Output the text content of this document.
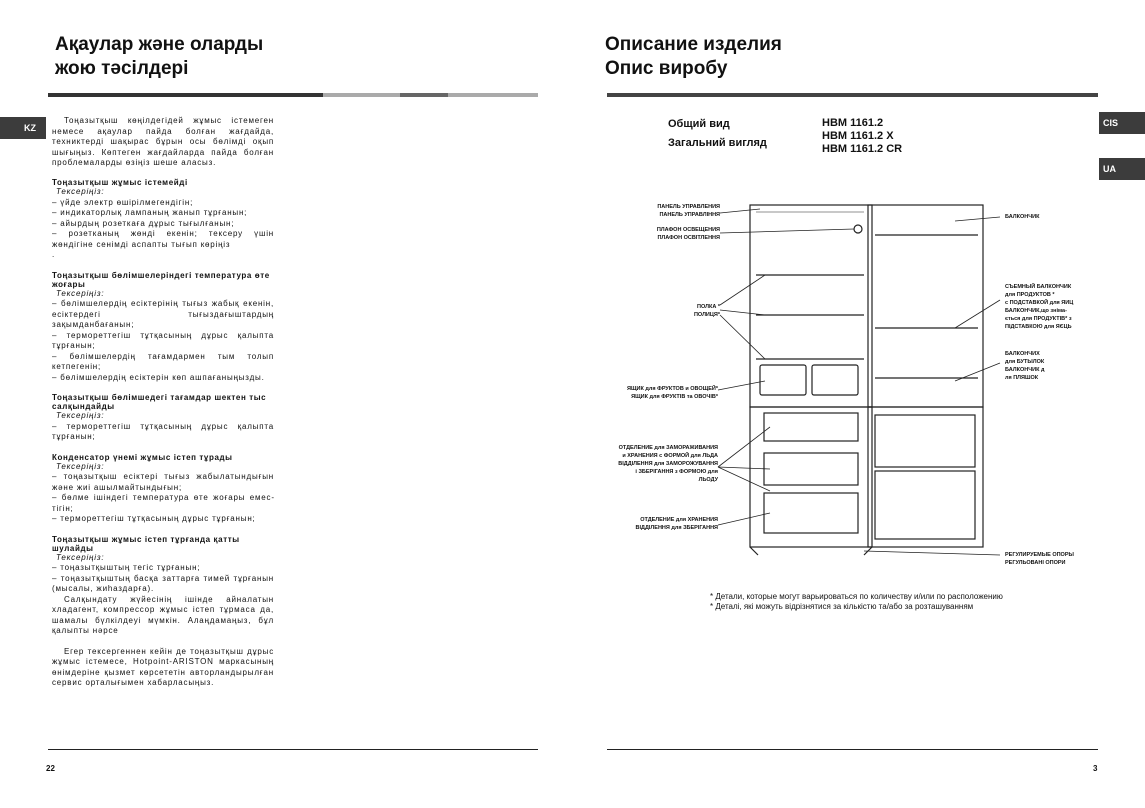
Ақаулар және оларды
жою тәсілдері
KZ
Тоңазытқыш көңілдегідей жұмыс істемеген немесе ақаулар пайда болған жағдайда, техниктерді шақырас бұрын осы бөлімді оқып шығыңыз. Көптеген жағдайларда пайда болған проблемаларды өзіңіз шеше аласыз.
Тоңазытқыш жұмыс істемейді
Тексеріңіз:
– үйде электр өшірілмегендігін;
– индикаторлық лампаның жанып тұрғанын;
– айырдың розеткаға дұрыс тығылғанын;
– розетканың жөнді екенін; тексеру үшін жөндігіне сенімді аспапты тығып көріңіз
.
Тоңазытқыш бөлімшелеріндегі температура өте жоғары
Тексеріңіз:
– бөлімшелердің есіктерінің тығыз жабық екенін, есіктердегі тығыздағыштардың зақымданбағанын;
– термореттегіш тұтқасының дұрыс қалыпта тұрғанын;
– бөлімшелердің тағамдармен тым толып кетпегенін;
– бөлімшелердің есіктерін көп ашпағаныңызды.
Тоңазытқыш бөлімшедегі тағамдар шектен тыс салқындайды
Тексеріңіз:
– термореттегіш тұтқасының дұрыс қалыпта тұрғанын;
Конденсатор үнемі жұмыс істеп тұрады
Тексеріңіз:
– тоңазытқыш есіктері тығыз жабылатындығын және жиі ашылмайтындығын;
– бөлме ішіндегі температура өте жоғары еместігін;
– термореттегіш тұтқасының дұрыс тұрғанын;
Тоңазытқыш жұмыс істеп тұрғанда қатты шулайды
Тексеріңіз:
– тоңазытқыштың тегіс тұрғанын;
– тоңазытқыштың басқа заттарға тимей тұрғанын (мысалы, жиһаздарға).
Салқындату жүйесінің ішінде айналатын хладагент, компрессор жұмыс істеп тұрмаса да, шамалы бүлкілдеуі мүмкін. Алаңдамаңыз, бұл қалыпты нәрсе
Егер тексергеннен кейін де тоңазытқыш дұрыс жұмыс істемесе, Hotpoint-ARISTON маркасының өнімдеріне қызмет көрсететін авторландырылған сервис орталығымен хабарласыңыз.
22
Описание изделия
Опис виробу
CIS
UA
Общий вид
Загальний вигляд
HBM 1161.2
HBM 1161.2 X
HBM 1161.2 CR
ПАНЕЛЬ УПРАВЛЕНИЯ
ПАНЕЛЬ УПРАВЛІННЯ
ПЛАФОН ОСВЕЩЕНИЯ
ПЛАФОН ОСВІТЛЕННЯ
ПОЛКА *
ПОЛИЦЯ*
ЯЩИК для ФРУКТОВ и ОВОЩЕЙ*
ЯЩИК для ФРУКТІВ та ОВОЧІВ*
ОТДЕЛЕНИЕ для ЗАМОРАЖИВАНИЯ
и ХРАНЕНИЯ с ФОРМОЙ для ЛЬДА
ВІДДІЛЕННЯ для ЗАМОРОЖУВАННЯ
і ЗБЕРІГАННЯ з ФОРМОЮ для
ЛЬОДУ
ОТДЕЛЕНИЕ для ХРАНЕНИЯ
ВІДДІЛЕННЯ для ЗБЕРІГАННЯ
БАЛКОНЧИК
СЪЕМНЫЙ БАЛКОНЧИК
для ПРОДУКТОВ *
с ПОДСТАВКОЙ для ЯИЦ
БАЛКОНЧИК,що знімa-
ється для ПРОДУКТІВ* з
ПІДСТАВКОЮ для ЯЄЦЬ
БАЛКОНЧИХ
для БУТЫЛОК
БАЛКОНЧИК д
ля ПЛЯШОК
РЕГУЛИРУЕМЫЕ ОПОРЫ
РЕГУЛЬОВАНІ ОПОРИ
* Детали, которые могут варьироваться по количеству и/или по расположению
* Деталі, які можуть відрізнятися за кількістю та/або за розташуванням
3
